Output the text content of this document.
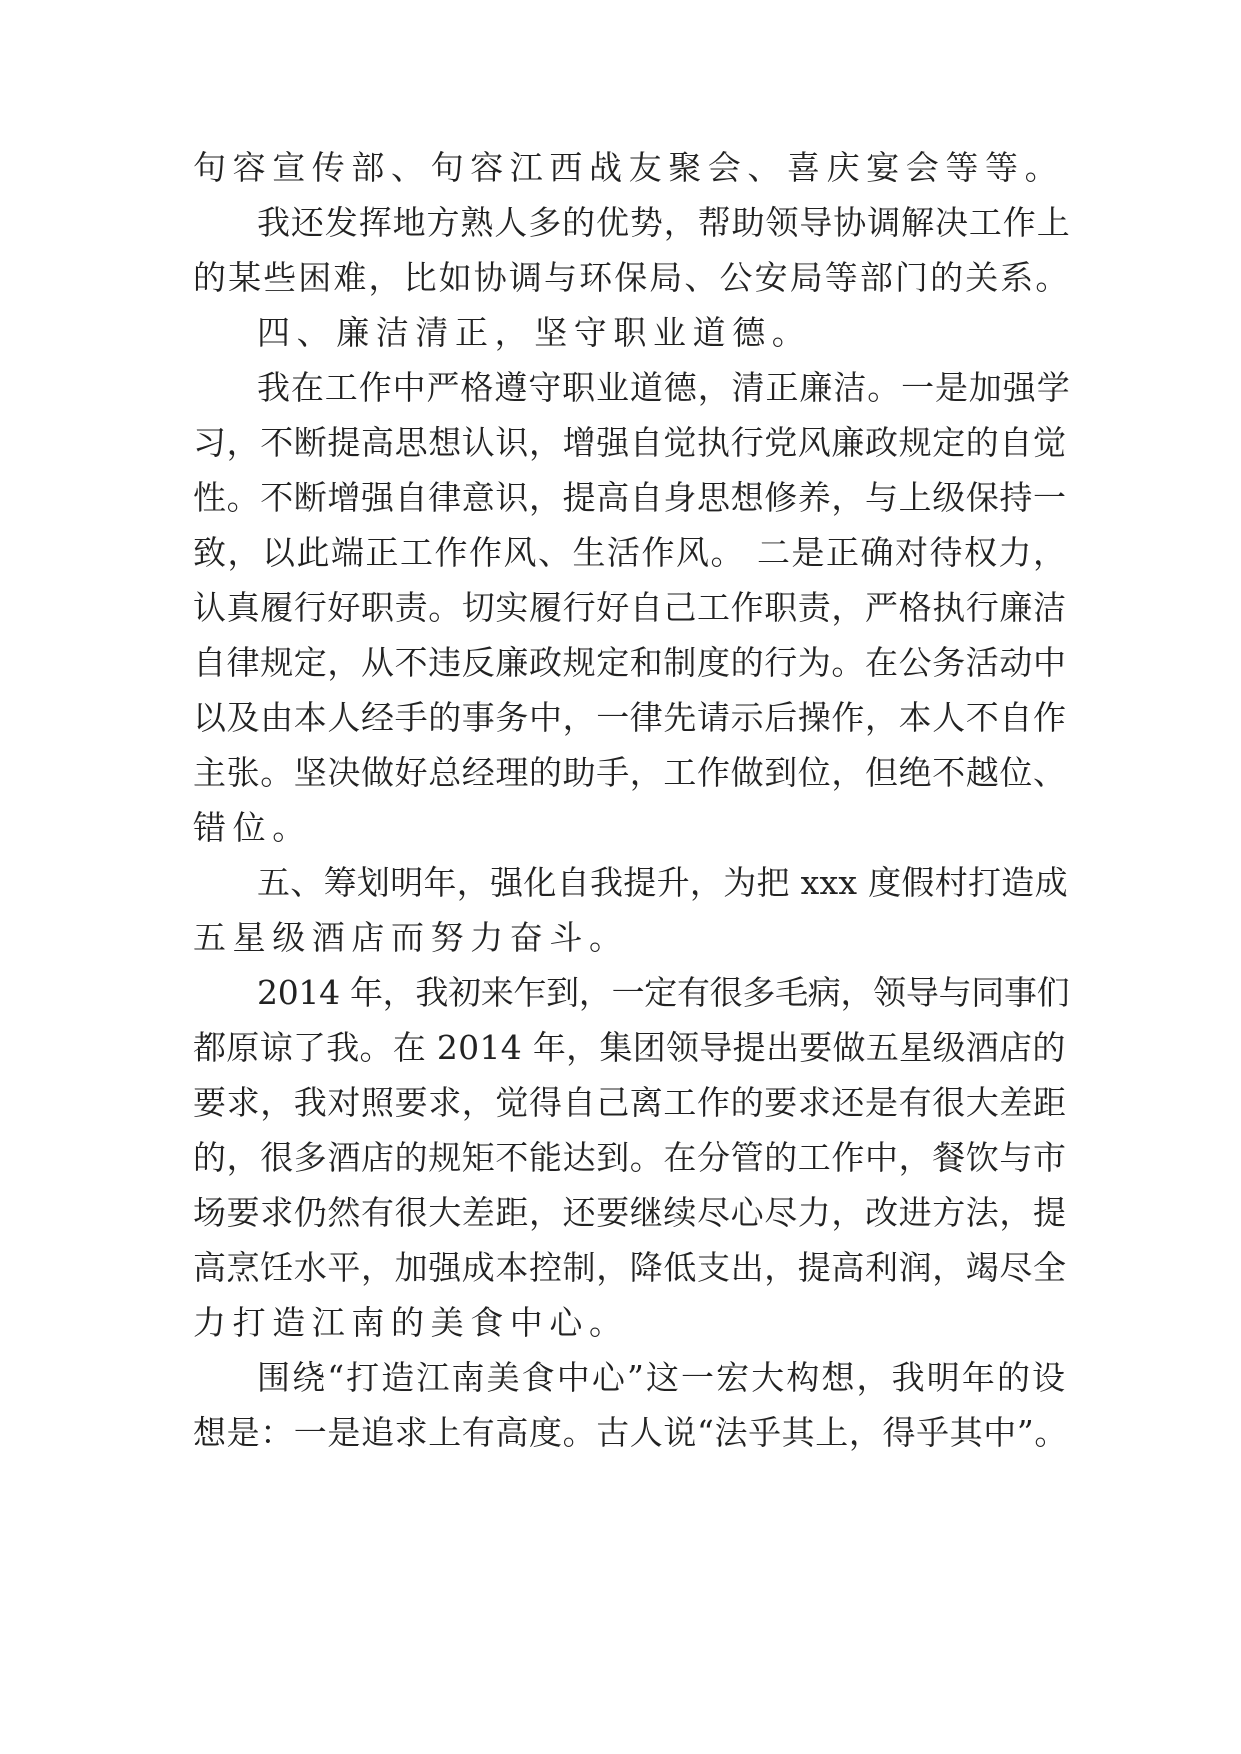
句容宣传部、句容江西战友聚会、喜庆宴会等等。

我还发挥地方熟人多的优势，帮助领导协调解决工作上

的某些困难，比如协调与环保局、公安局等部门的关系。

四、廉洁清正，坚守职业道德。

我在工作中严格遵守职业道德，清正廉洁。一是加强学

习，不断提高思想认识，增强自觉执行党风廉政规定的自觉

性。不断增强自律意识，提高自身思想修养，与上级保持一

致，以此端正工作作风、生活作风。 二是正确对待权力，

认真履行好职责。切实履行好自己工作职责，严格执行廉洁

自律规定，从不违反廉政规定和制度的行为。在公务活动中

以及由本人经手的事务中，一律先请示后操作，本人不自作

主张。坚决做好总经理的助手，工作做到位，但绝不越位、

错位。

五、筹划明年，强化自我提升，为把 xxx 度假村打造成

五星级酒店而努力奋斗。

2014 年，我初来乍到，一定有很多毛病，领导与同事们

都原谅了我。在 2014 年，集团领导提出要做五星级酒店的

要求，我对照要求，觉得自己离工作的要求还是有很大差距

的，很多酒店的规矩不能达到。在分管的工作中，餐饮与市

场要求仍然有很大差距，还要继续尽心尽力，改进方法，提

高烹饪水平，加强成本控制，降低支出，提高利润，竭尽全

力打造江南的美食中心。

围绕“打造江南美食中心”这一宏大构想，我明年的设

想是：一是追求上有高度。古人说“法乎其上，得乎其中”。
